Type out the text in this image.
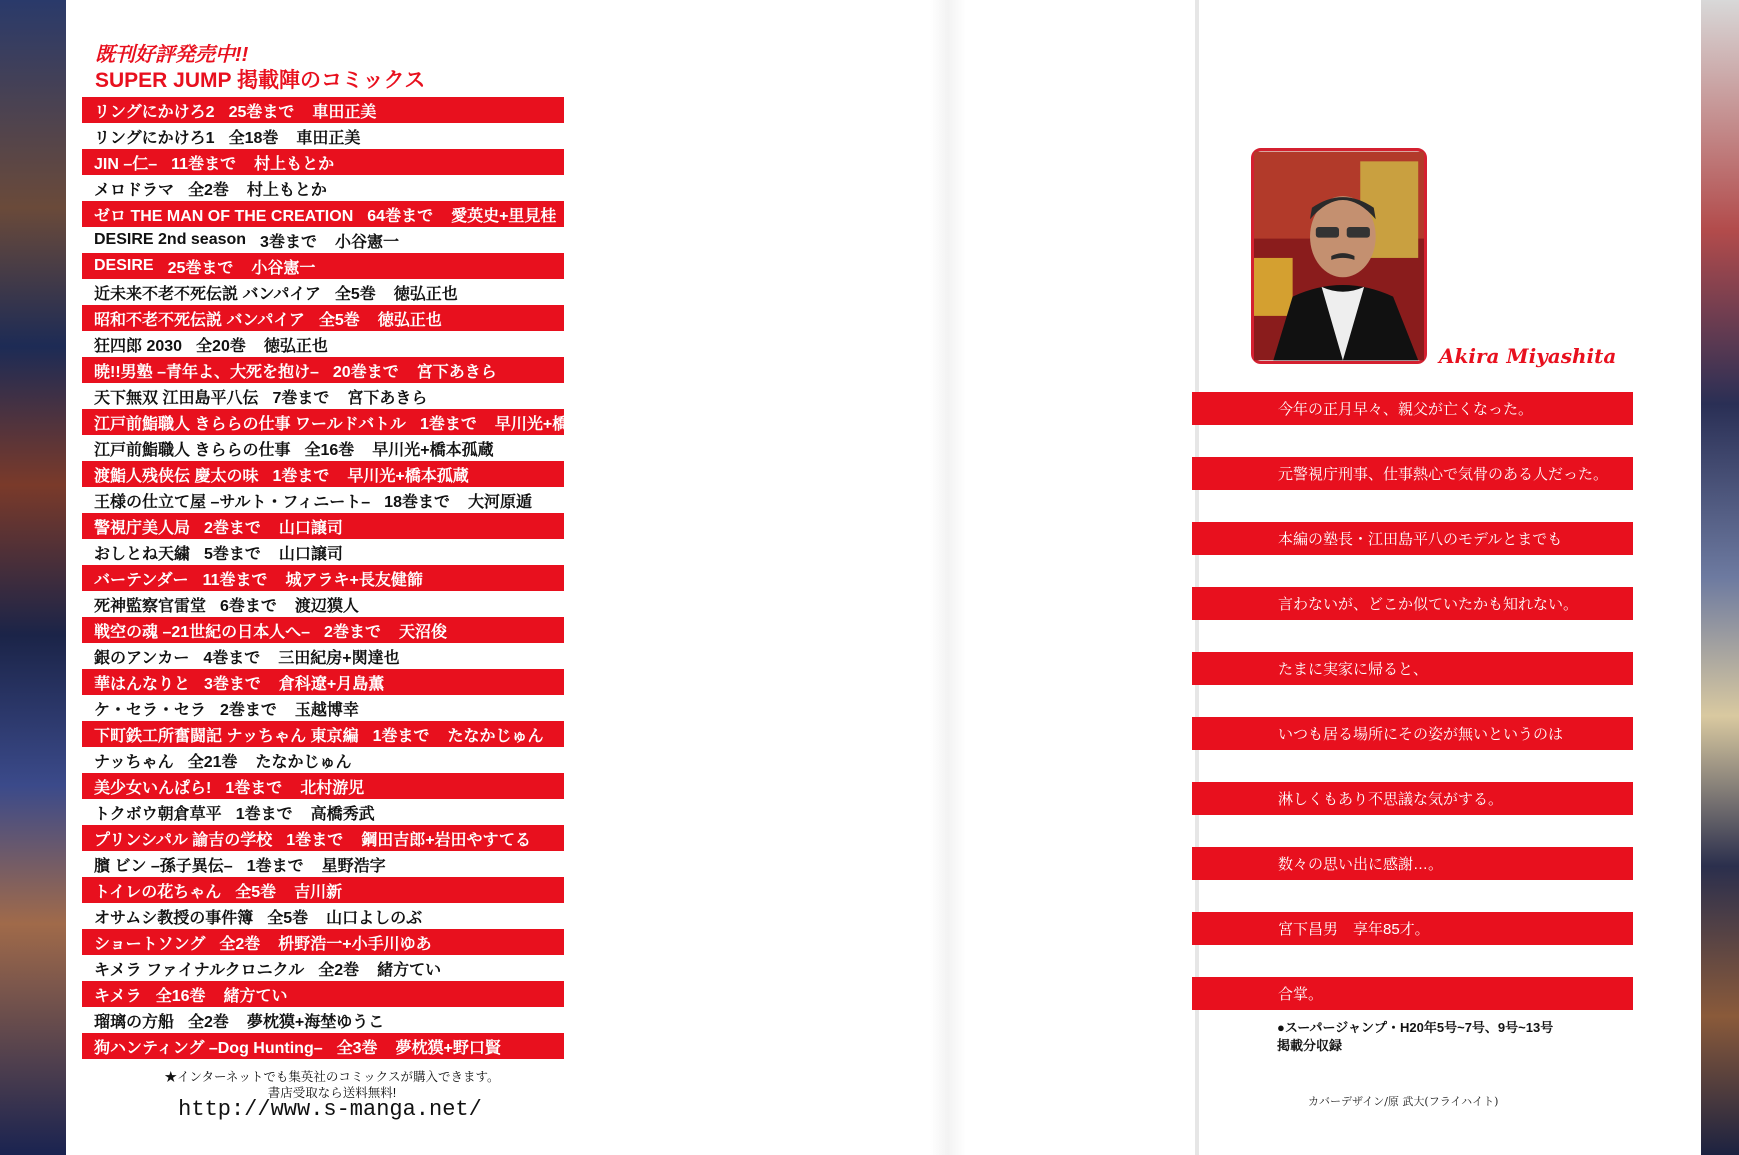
既刊好評発売中!!
SUPER JUMP 掲載陣のコミックス
リングにかけろ2 25巻まで 車田正美
リングにかけろ1 全18巻 車田正美
JIN –仁– 11巻まで 村上もとか
メロドラマ 全2巻 村上もとか
ゼロ THE MAN OF THE CREATION 64巻まで 愛英史+里見桂
DESIRE 2nd season 3巻まで 小谷憲一
DESIRE 25巻まで 小谷憲一
近未来不老不死伝説 バンパイア 全5巻 徳弘正也
昭和不老不死伝説 バンパイア 全5巻 徳弘正也
狂四郎 2030 全20巻 徳弘正也
暁!!男塾 –青年よ、大死を抱け– 20巻まで 宮下あきら
天下無双 江田島平八伝 7巻まで 宮下あきら
江戸前鮨職人 きららの仕事 ワールドバトル 1巻まで 早川光+橋本孤蔵
江戸前鮨職人 きららの仕事 全16巻 早川光+橋本孤蔵
渡鮨人残侠伝 慶太の味 1巻まで 早川光+橋本孤蔵
王様の仕立て屋 –サルト・フィニート– 18巻まで 大河原遁
警視庁美人局 2巻まで 山口譲司
おしとね天繍 5巻まで 山口譲司
バーテンダー 11巻まで 城アラキ+長友健篩
死神監察官雷堂 6巻まで 渡辺獏人
戦空の魂 –21世紀の日本人へ– 2巻まで 天沼俊
銀のアンカー 4巻まで 三田紀房+関達也
華はんなりと 3巻まで 倉科遼+月島薫
ケ・セラ・セラ 2巻まで 玉越博幸
下町鉄工所奮闘記 ナッちゃん 東京編 1巻まで たなかじゅん
ナッちゃん 全21巻 たなかじゅん
美少女いんぱら! 1巻まで 北村游児
トクボウ朝倉草平 1巻まで 高橋秀武
プリンシパル 諭吉の学校 1巻まで 鋼田吉郎+岩田やすてる
臏 ビン –孫子異伝– 1巻まで 星野浩字
トイレの花ちゃん 全5巻 吉川新
オサムシ教授の事件簿 全5巻 山口よしのぶ
ショートソング 全2巻 枡野浩一+小手川ゆあ
キメラ ファイナルクロニクル 全2巻 緒方てい
キメラ 全16巻 緒方てい
瑠璃の方船 全2巻 夢枕獏+海埜ゆうこ
狗ハンティング –Dog Hunting– 全3巻 夢枕獏+野口賢
★インターネットでも集英社のコミックスが購入できます。
書店受取なら送料無料!
http://www.s-manga.net/
Akira Miyashita
今年の正月早々、親父が亡くなった。
元警視庁刑事、仕事熱心で気骨のある人だった。
本編の塾長・江田島平八のモデルとまでも
言わないが、どこか似ていたかも知れない。
たまに実家に帰ると、
いつも居る場所にその姿が無いというのは
淋しくもあり不思議な気がする。
数々の思い出に感謝…。
宮下昌男　享年85才。
合掌。
●スーパージャンプ・H20年5号~7号、9号~13号
掲載分収録
カバーデザイン/原 武大(フライハイト)
